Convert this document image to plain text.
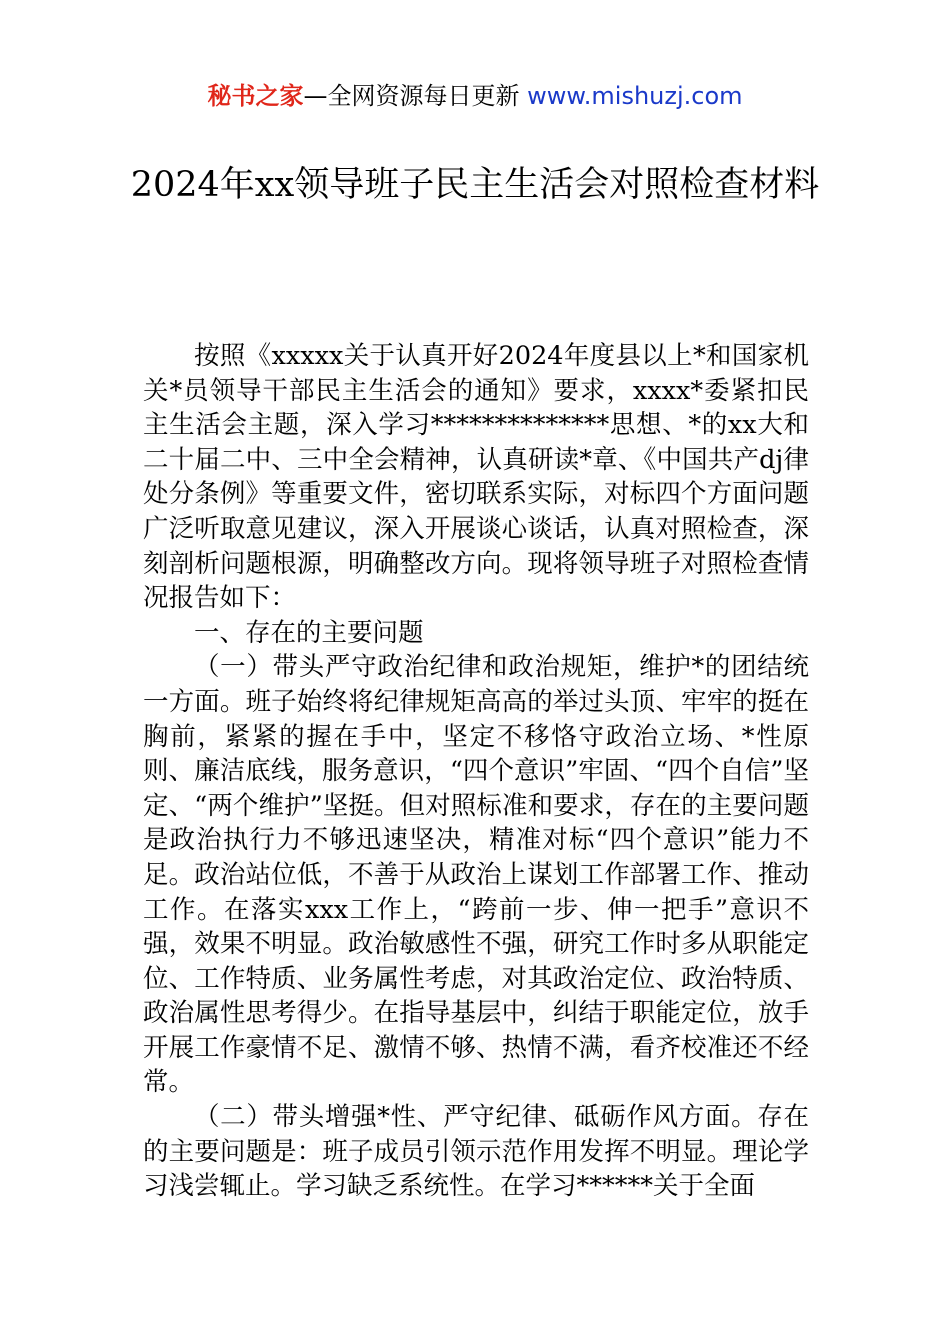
秘书之家—全网资源每日更新 www.mishuzj.com
2024年xx领导班子民主生活会对照检查材料

按照《xxxxx关于认真开好2024年度县以上*和国家机关*员领导干部民主生活会的通知》要求，xxxx*委紧扣民主生活会主题，深入学习**************思想、*的xx大和二十届二中、三中全会精神，认真研读*章、《中国共产dj律处分条例》等重要文件，密切联系实际，对标四个方面问题广泛听取意见建议，深入开展谈心谈话，认真对照检查，深刻剖析问题根源，明确整改方向。现将领导班子对照检查情况报告如下：

一、存在的主要问题

（一）带头严守政治纪律和政治规矩，维护*的团结统一方面。班子始终将纪律规矩高高的举过头顶、牢牢的挺在胸前，紧紧的握在手中，坚定不移恪守政治立场、*性原则、廉洁底线，服务意识，“四个意识”牢固、“四个自信”坚定、“两个维护”坚挺。但对照标准和要求，存在的主要问题是政治执行力不够迅速坚决，精准对标“四个意识”能力不足。政治站位低，不善于从政治上谋划工作部署工作、推动工作。在落实xxx工作上，“跨前一步、伸一把手”意识不强，效果不明显。政治敏感性不强，研究工作时多从职能定位、工作特质、业务属性考虑，对其政治定位、政治特质、政治属性思考得少。在指导基层中，纠结于职能定位，放手开展工作豪情不足、激情不够、热情不满，看齐校准还不经常。

（二）带头增强*性、严守纪律、砥砺作风方面。存在的主要问题是：班子成员引领示范作用发挥不明显。理论学习浅尝辄止。学习缺乏系统性。在学习******关于全面
